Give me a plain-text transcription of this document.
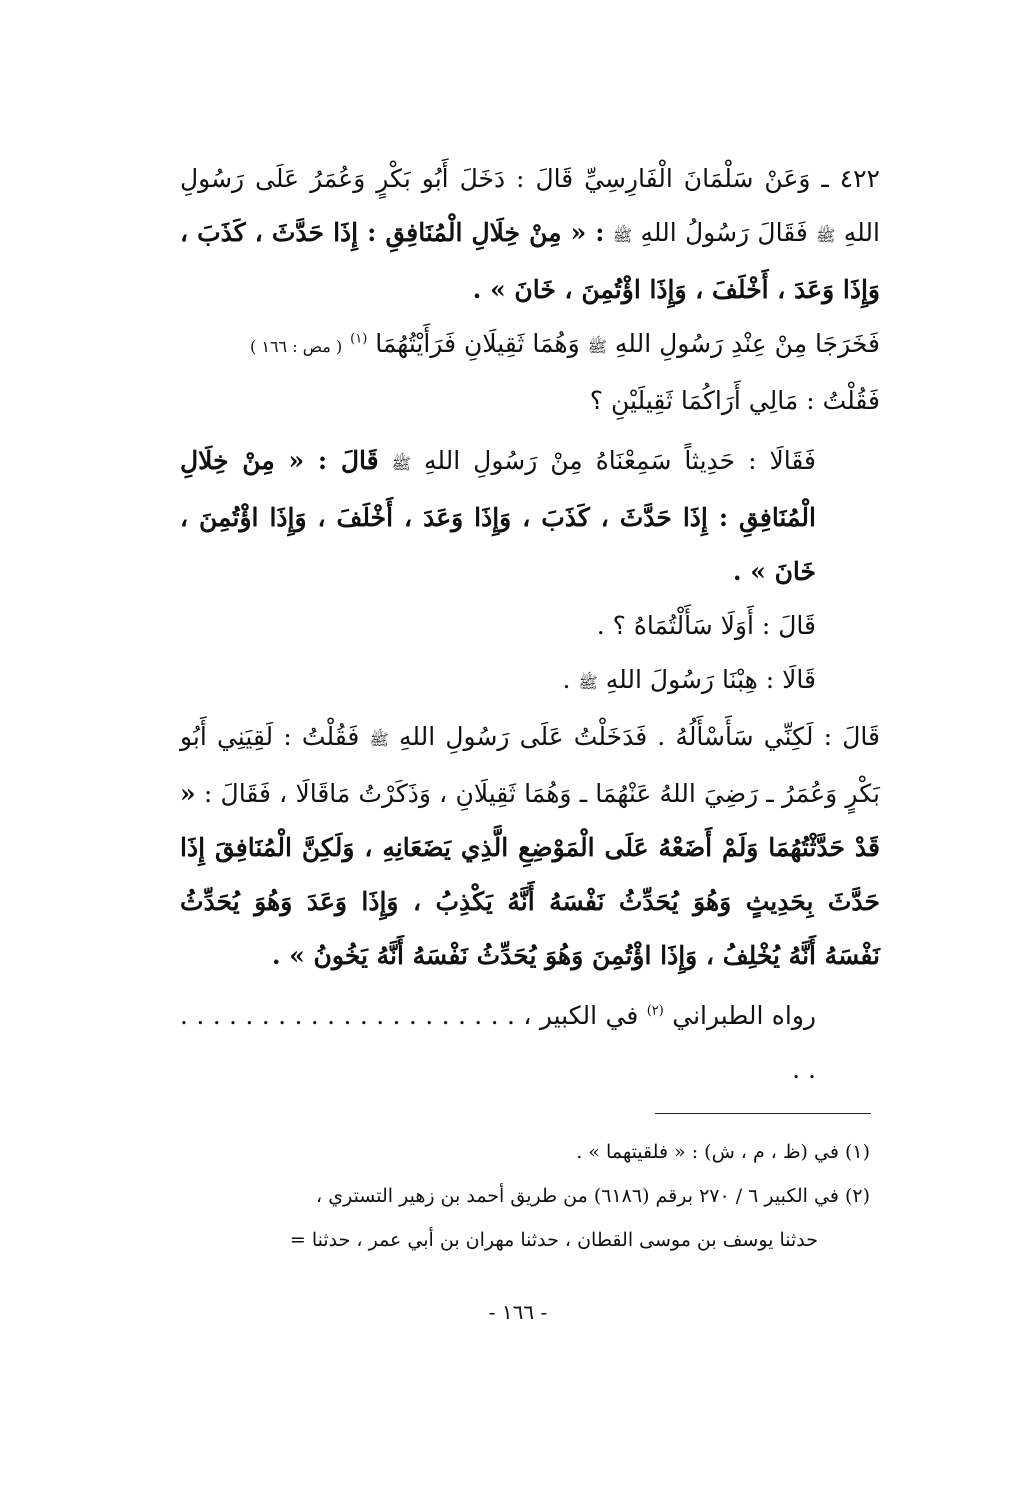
٤٢٢ ـ وَعَنْ سَلْمَانَ الْفَارِسِيِّ قَالَ : دَخَلَ أَبُو بَكْرٍ وَعُمَرُ عَلَى رَسُولِ اللهِ ﷺ فَقَالَ رَسُولُ اللهِ ﷺ : « مِنْ خِلَالِ الْمُنَافِقِ : إِذَا حَدَّثَ ، كَذَبَ ، وَإِذَا وَعَدَ ، أَخْلَفَ ، وَإِذَا اؤْتُمِنَ ، خَانَ » .

فَخَرَجَا مِنْ عِنْدِ رَسُولِ اللهِ ﷺ وَهُمَا ثَقِيلَانِ فَرَأَيْتُهُمَا $^{(١)}$ ( مص : ١٦٦ )

فَقُلْتُ : مَالِي أَرَاكُمَا ثَقِيلَيْنِ ؟

فَقَالَا : حَدِيثاً سَمِعْنَاهُ مِنْ رَسُولِ اللهِ ﷺ قَالَ : « مِنْ خِلَالِ الْمُنَافِقِ : إِذَا حَدَّثَ ، كَذَبَ ، وَإِذَا وَعَدَ ، أَخْلَفَ ، وَإِذَا اؤْتُمِنَ ، خَانَ » .

قَالَ : أَوَلَا سَأَلْتُمَاهُ ؟ .

قَالَا : هِبْنَا رَسُولَ اللهِ ﷺ .

قَالَ : لَكِنِّي سَأَسْأَلُهُ . فَدَخَلْتُ عَلَى رَسُولِ اللهِ ﷺ فَقُلْتُ : لَقِيَنِي أَبُو بَكْرٍ وَعُمَرُ ـ رَضِيَ اللهُ عَنْهُمَا ـ وَهُمَا ثَقِيلَانِ ، وَذَكَرْتُ مَاقَالَا ، فَقَالَ : « قَدْ حَدَّثْتُهُمَا وَلَمْ أَضَعْهُ عَلَى الْمَوْضِعِ الَّذِي يَضَعَانِهِ ، وَلَكِنَّ الْمُنَافِقَ إِذَا حَدَّثَ بِحَدِيثٍ وَهُوَ يُحَدِّثُ نَفْسَهُ أَنَّهُ يَكْذِبُ ، وَإِذَا وَعَدَ وَهُوَ يُحَدِّثُ نَفْسَهُ أَنَّهُ يُخْلِفُ ، وَإِذَا اؤْتُمِنَ وَهُوَ يُحَدِّثُ نَفْسَهُ أَنَّهُ يَخُونُ » .

رواه الطبراني $^{(٢)}$ في الكبير ، . . . . . . . . . . . . . . . . . . . . . . .

(١) في (ظ ، م ، ش) : « فلقيتهما » .
(٢) في الكبير ٦ / ٢٧٠ برقم (٦١٨٦) من طريق أحمد بن زهير التستري ،
حدثنا يوسف بن موسى القطان ، حدثنا مهران بن أبي عمر ، حدثنا =
- ١٦٦ -
